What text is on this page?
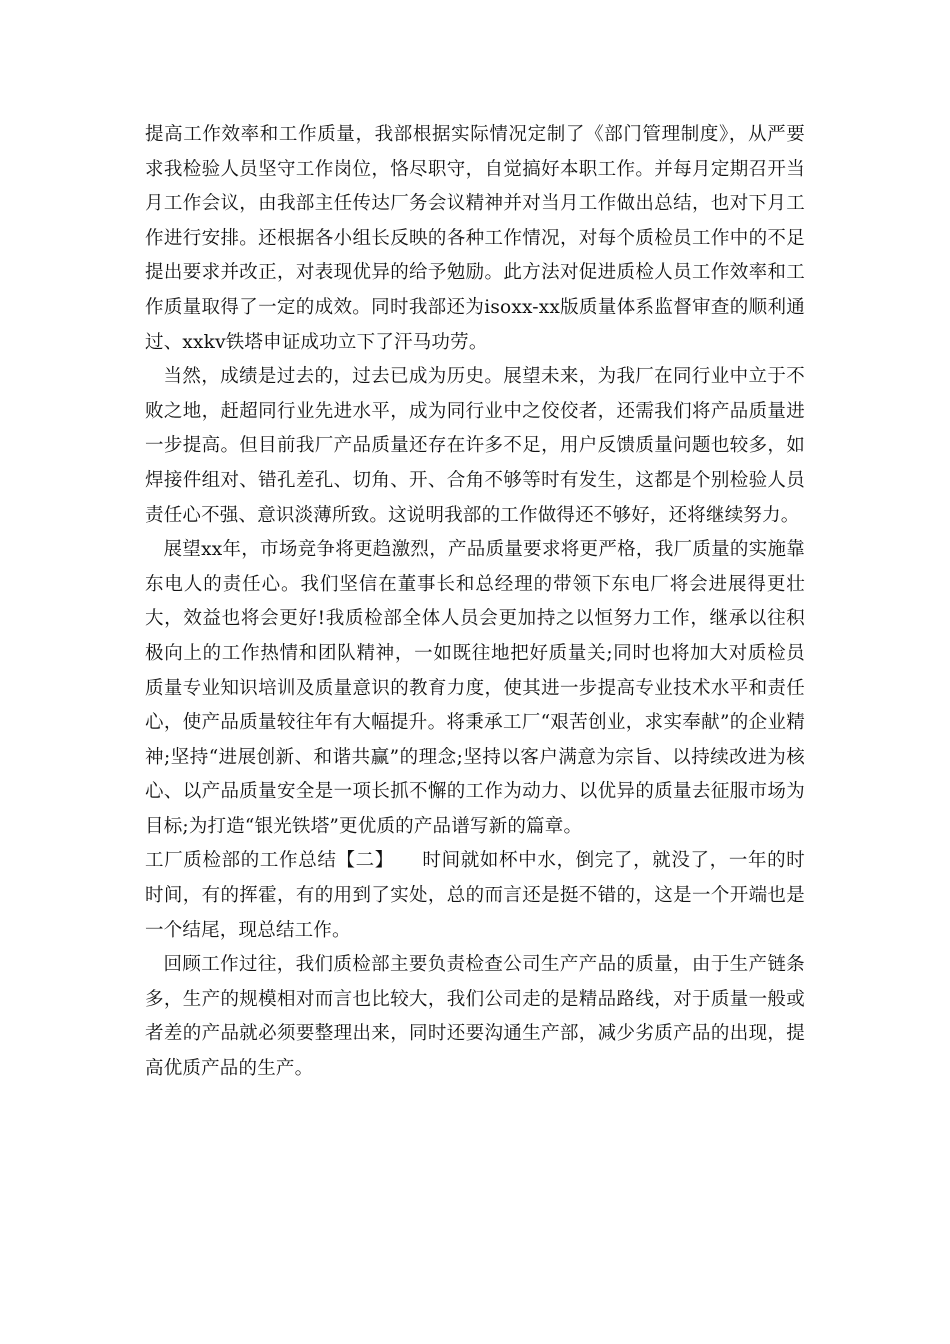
提高工作效率和工作质量，我部根据实际情况定制了《部门管理制度》，从严要求我检验人员坚守工作岗位，恪尽职守，自觉搞好本职工作。并每月定期召开当月工作会议，由我部主任传达厂务会议精神并对当月工作做出总结，也对下月工作进行安排。还根据各小组长反映的各种工作情况，对每个质检员工作中的不足提出要求并改正，对表现优异的给予勉励。此方法对促进质检人员工作效率和工作质量取得了一定的成效。同时我部还为isoxx-xx版质量体系监督审查的顺利通过、xxkv铁塔申证成功立下了汗马功劳。

当然，成绩是过去的，过去已成为历史。展望未来，为我厂在同行业中立于不败之地，赶超同行业先进水平，成为同行业中之佼佼者，还需我们将产品质量进一步提高。但目前我厂产品质量还存在许多不足，用户反馈质量问题也较多，如焊接件组对、错孔差孔、切角、开、合角不够等时有发生，这都是个别检验人员责任心不强、意识淡薄所致。这说明我部的工作做得还不够好，还将继续努力。

展望xx年，市场竞争将更趋激烈，产品质量要求将更严格，我厂质量的实施靠东电人的责任心。我们坚信在董事长和总经理的带领下东电厂将会进展得更壮大，效益也将会更好!我质检部全体人员会更加持之以恒努力工作，继承以往积极向上的工作热情和团队精神，一如既往地把好质量关;同时也将加大对质检员质量专业知识培训及质量意识的教育力度，使其进一步提高专业技术水平和责任心，使产品质量较往年有大幅提升。将秉承工厂“艰苦创业，求实奉献”的企业精神;坚持“进展创新、和谐共赢”的理念;坚持以客户满意为宗旨、以持续改进为核心、以产品质量安全是一项长抓不懈的工作为动力、以优异的质量去征服市场为目标;为打造“银光铁塔”更优质的产品谱写新的篇章。

工厂质检部的工作总结【二】 时间就如杯中水，倒完了，就没了，一年的时时间，有的挥霍，有的用到了实处，总的而言还是挺不错的，这是一个开端也是一个结尾，现总结工作。

回顾工作过往，我们质检部主要负责检查公司生产产品的质量，由于生产链条多，生产的规模相对而言也比较大，我们公司走的是精品路线，对于质量一般或者差的产品就必须要整理出来，同时还要沟通生产部，减少劣质产品的出现，提高优质产品的生产。
